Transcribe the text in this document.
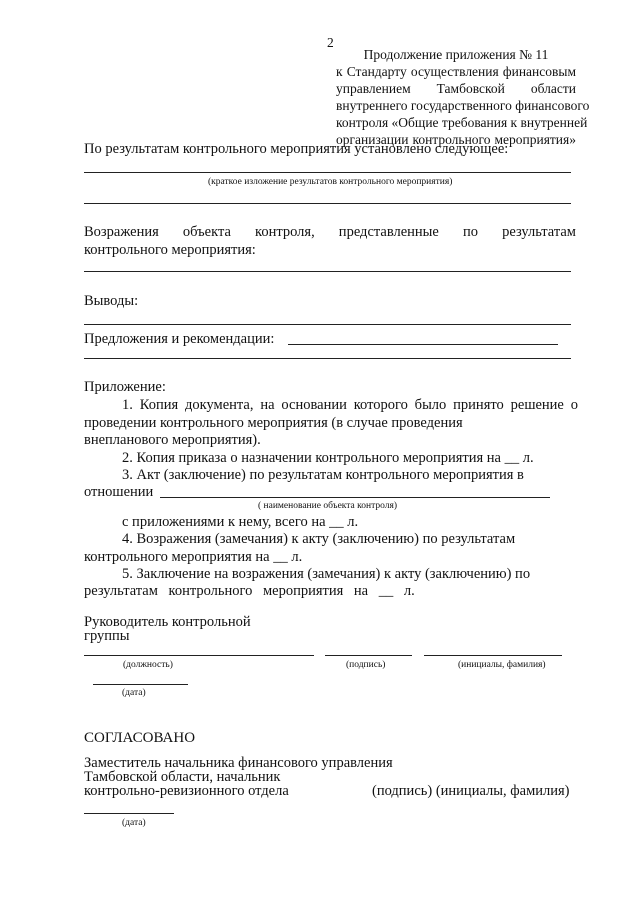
2
Продолжение приложения № 11
к Стандарту осуществления финансовым
управлением Тамбовской области
внутреннего государственного финансового
контроля «Общие требования к внутренней
организации контрольного мероприятия»
По результатам контрольного мероприятия установлено следующее:
(краткое изложение результатов контрольного мероприятия)
Возражения объекта контроля, представленные по результатам
контрольного мероприятия:
Выводы:
Предложения и рекомендации:
Приложение:
1. Копия документа, на основании которого было принято решение о
проведении контрольного мероприятия (в случае проведения
внепланового мероприятия).
2. Копия приказа о назначении контрольного мероприятия на __ л.
3. Акт (заключение) по результатам контрольного мероприятия в
отношении
( наименование объекта контроля)
с приложениями к нему, всего на __ л.
4. Возражения (замечания) к акту (заключению) по результатам
контрольного мероприятия на __ л.
5. Заключение на возражения (замечания) к акту (заключению) по
результатам контрольного мероприятия на __ л.
Руководитель контрольной
группы
(должность)	(подпись)	(инициалы, фамилия)
(дата)
СОГЛАСОВАНО
Заместитель начальника финансового управления
Тамбовской области, начальник
контрольно-ревизионного отдела	(подпись) (инициалы, фамилия)
(дата)
